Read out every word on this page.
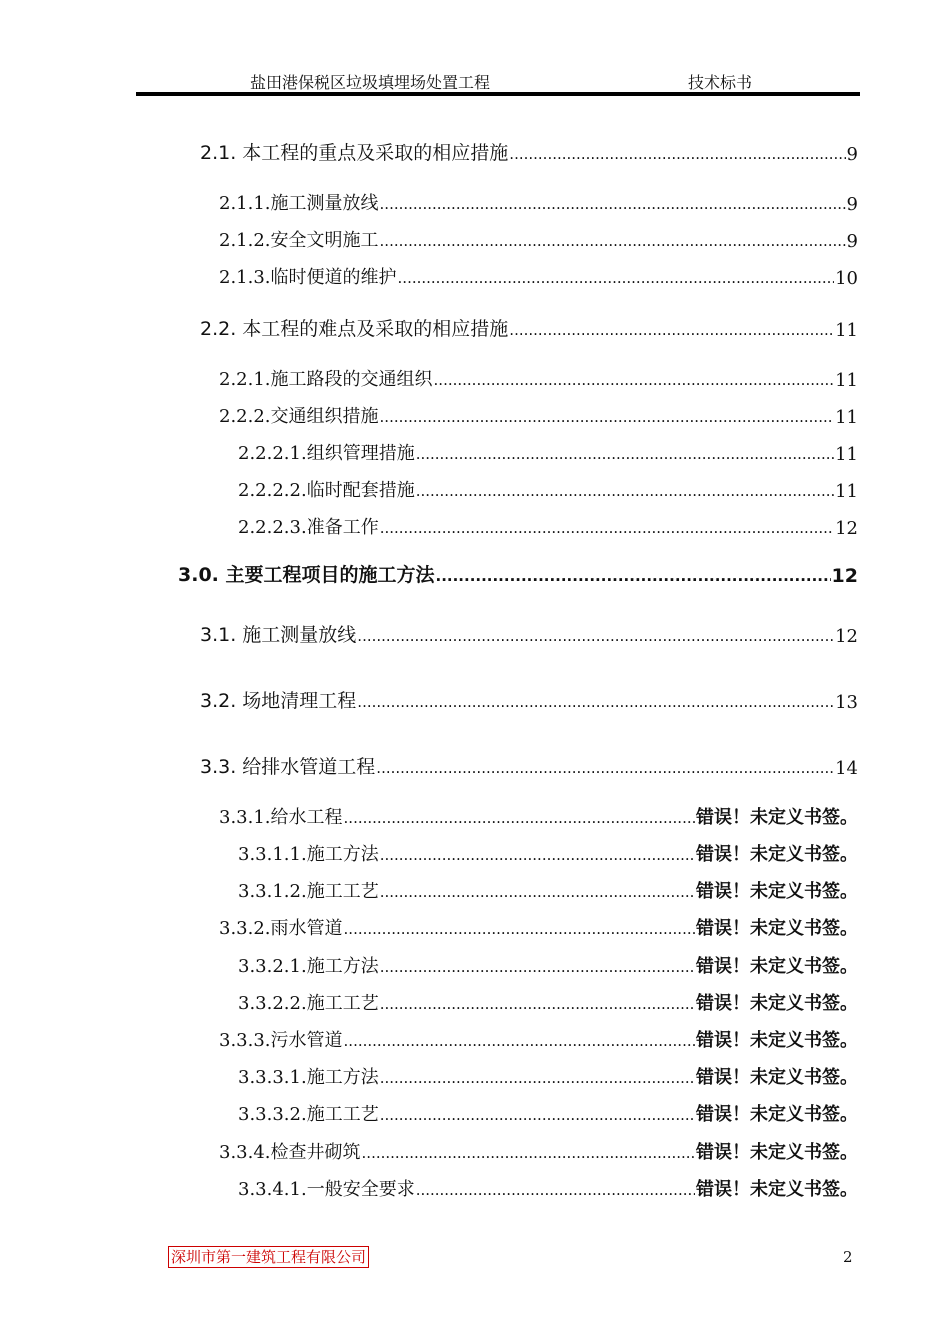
盐田港保税区垃圾填埋场处置工程	技术标书
2.1. 本工程的重点及采取的相应措施 .....	9
2.1.1.施工测量放线 .....	9
2.1.2.安全文明施工 .....	9
2.1.3.临时便道的维护 .....	10
2.2. 本工程的难点及采取的相应措施 .....	11
2.2.1.施工路段的交通组织 .....	11
2.2.2.交通组织措施 .....	11
2.2.2.1.组织管理措施 .....	11
2.2.2.2.临时配套措施 .....	11
2.2.2.3.准备工作 .....	12
3.0. 主要工程项目的施工方法 .....	12
3.1. 施工测量放线 .....	12
3.2. 场地清理工程 .....	13
3.3. 给排水管道工程 .....	14
3.3.1.给水工程 .....	错误！未定义书签。
3.3.1.1.施工方法 .....	错误！未定义书签。
3.3.1.2.施工工艺 .....	错误！未定义书签。
3.3.2.雨水管道 .....	错误！未定义书签。
3.3.2.1.施工方法 .....	错误！未定义书签。
3.3.2.2.施工工艺 .....	错误！未定义书签。
3.3.3.污水管道 .....	错误！未定义书签。
3.3.3.1.施工方法 .....	错误！未定义书签。
3.3.3.2.施工工艺 .....	错误！未定义书签。
3.3.4.检查井砌筑 .....	错误！未定义书签。
3.3.4.1.一般安全要求 .....	错误！未定义书签。
深圳市第一建筑工程有限公司	2
